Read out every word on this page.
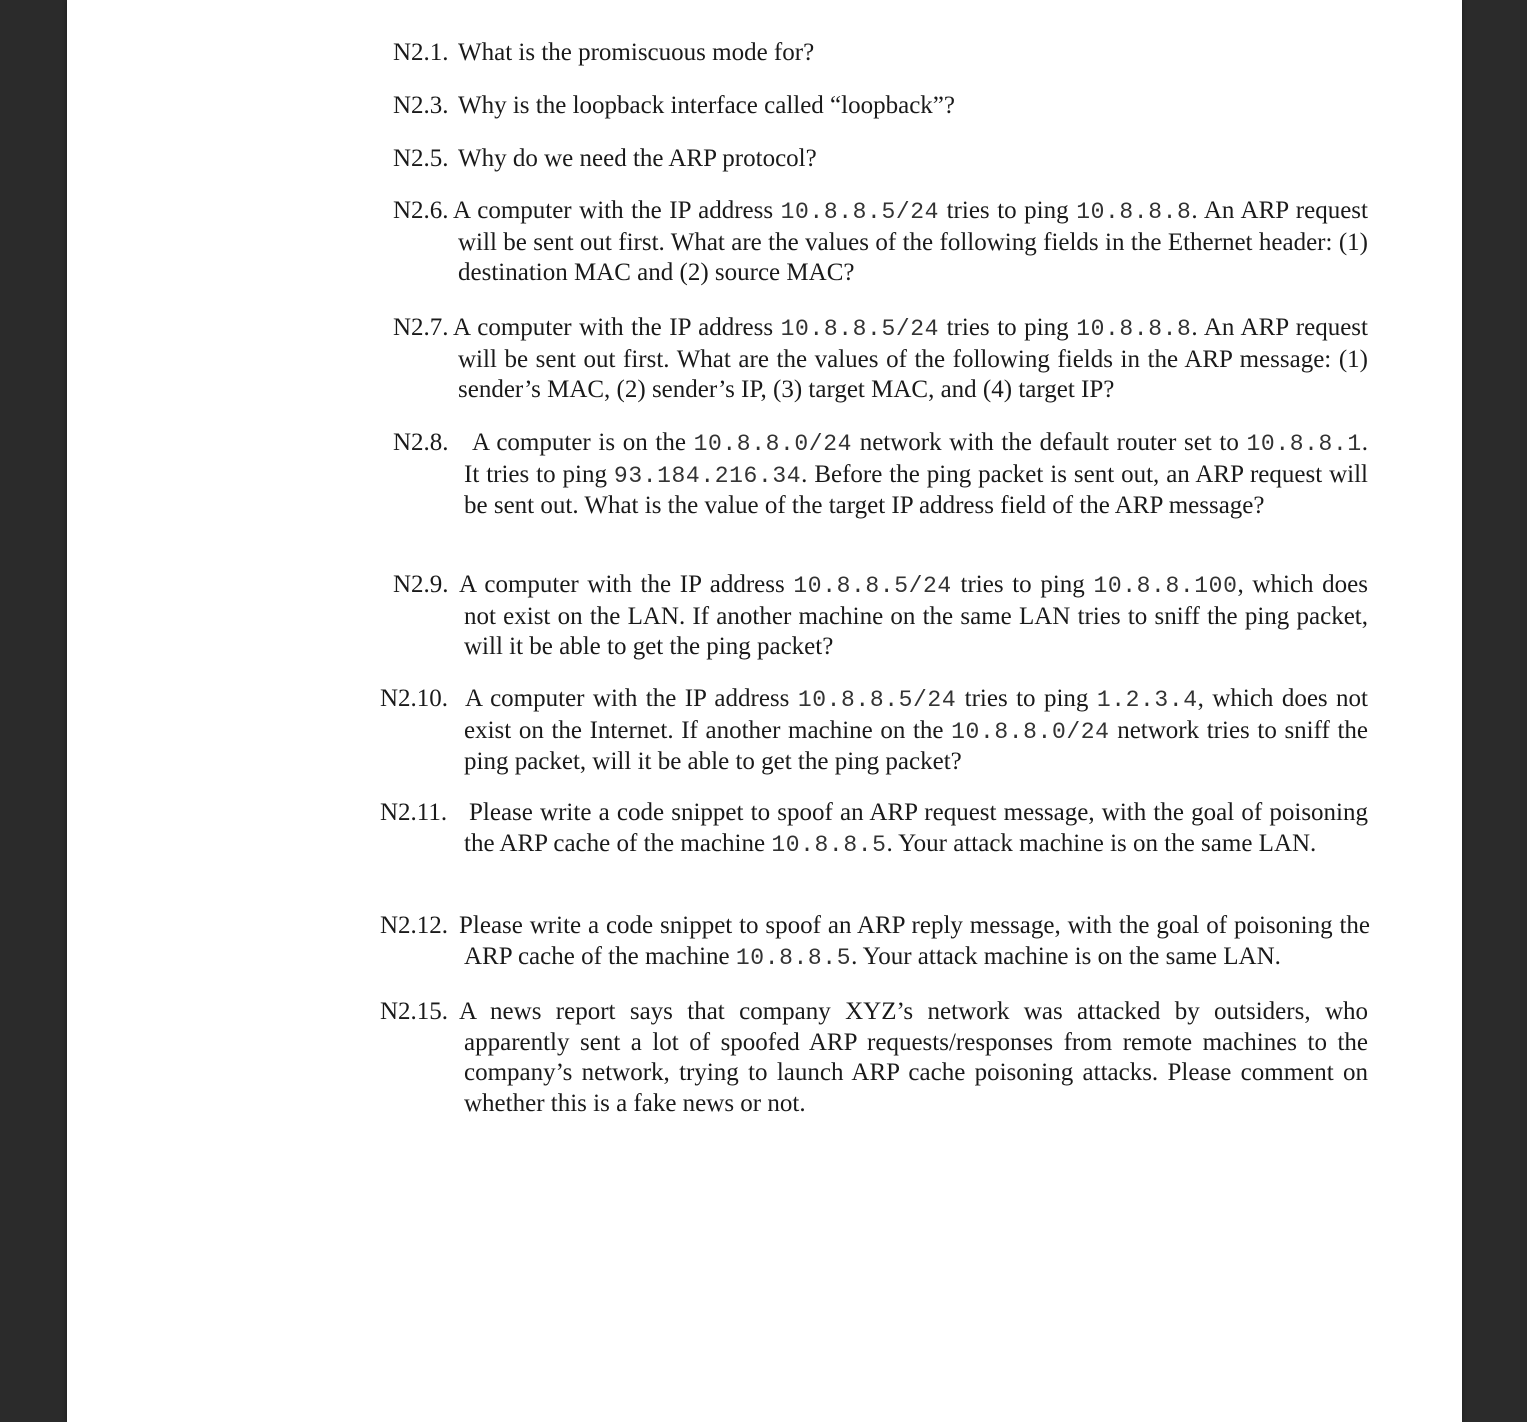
N2.1. What is the promiscuous mode for?
N2.3. Why is the loopback interface called “loopback”?
N2.5. Why do we need the ARP protocol?
N2.6. A computer with the IP address 10.8.8.5/24 tries to ping 10.8.8.8. An ARP request will be sent out first. What are the values of the following fields in the Ethernet header: (1) destination MAC and (2) source MAC?
N2.7. A computer with the IP address 10.8.8.5/24 tries to ping 10.8.8.8. An ARP request will be sent out first. What are the values of the following fields in the ARP message: (1) sender’s MAC, (2) sender’s IP, (3) target MAC, and (4) target IP?
N2.8. A computer is on the 10.8.8.0/24 network with the default router set to 10.8.8.1. It tries to ping 93.184.216.34. Before the ping packet is sent out, an ARP request will be sent out. What is the value of the target IP address field of the ARP message?
N2.9. A computer with the IP address 10.8.8.5/24 tries to ping 10.8.8.100, which does not exist on the LAN. If another machine on the same LAN tries to sniff the ping packet, will it be able to get the ping packet?
N2.10. A computer with the IP address 10.8.8.5/24 tries to ping 1.2.3.4, which does not exist on the Internet. If another machine on the 10.8.8.0/24 network tries to sniff the ping packet, will it be able to get the ping packet?
N2.11. Please write a code snippet to spoof an ARP request message, with the goal of poisoning the ARP cache of the machine 10.8.8.5. Your attack machine is on the same LAN.
N2.12. Please write a code snippet to spoof an ARP reply message, with the goal of poisoning the ARP cache of the machine 10.8.8.5. Your attack machine is on the same LAN.
N2.15. A news report says that company XYZ’s network was attacked by outsiders, who apparently sent a lot of spoofed ARP requests/responses from remote machines to the company’s network, trying to launch ARP cache poisoning attacks. Please comment on whether this is a fake news or not.
